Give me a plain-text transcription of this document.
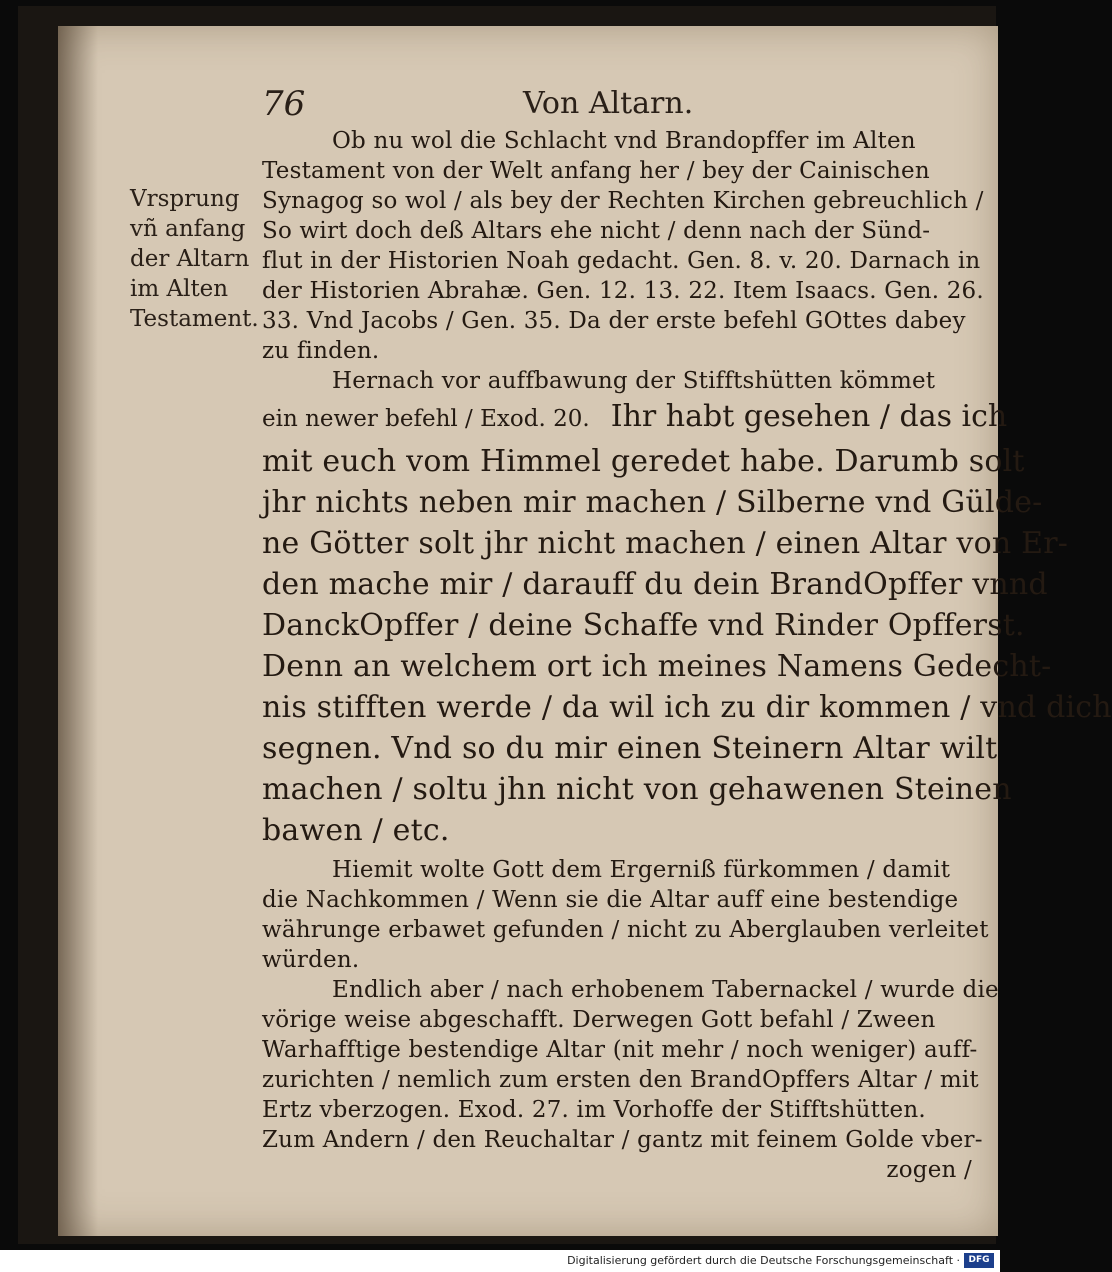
76	Von Altarn.
Vrsprung
vñ anfang
der Altarn
im Alten
Testament.
Ob nu wol die Schlacht vnd Brandopffer im Alten
Testament von der Welt anfang her / bey der Cainischen
Synagog so wol / als bey der Rechten Kirchen gebreuchlich /
So wirt doch deß Altars ehe nicht / denn nach der Sünd-
flut in der Historien Noah gedacht. Gen. 8. v. 20. Darnach in
der Historien Abrahæ. Gen. 12. 13. 22. Item Isaacs. Gen. 26.
33. Vnd Jacobs / Gen. 35. Da der erste befehl GOttes dabey
zu finden.
Hernach vor auffbawung der Stifftshütten kömmet
ein newer befehl / Exod. 20. Ihr habt gesehen / das ich
mit euch vom Himmel geredet habe. Darumb solt
jhr nichts neben mir machen / Silberne vnd Gülde-
ne Götter solt jhr nicht machen / einen Altar von Er-
den mache mir / darauff du dein BrandOpffer vnnd
DanckOpffer / deine Schaffe vnd Rinder Opfferst.
Denn an welchem ort ich meines Namens Gedecht-
nis stifften werde / da wil ich zu dir kommen / vnd dich
segnen. Vnd so du mir einen Steinern Altar wilt
machen / soltu jhn nicht von gehawenen Steinen
bawen / etc.
Hiemit wolte Gott dem Ergerniß fürkommen / damit
die Nachkommen / Wenn sie die Altar auff eine bestendige
währunge erbawet gefunden / nicht zu Aberglauben verleitet
würden.
Endlich aber / nach erhobenem Tabernackel / wurde die
vörige weise abgeschafft. Derwegen Gott befahl / Zween
Warhafftige bestendige Altar (nit mehr / noch weniger) auff-
zurichten / nemlich zum ersten den BrandOpffers Altar / mit
Ertz vberzogen. Exod. 27. im Vorhoffe der Stifftshütten.
Zum Andern / den Reuchaltar / gantz mit feinem Golde vber-
zogen /
Digitalisierung gefördert durch die Deutsche Forschungsgemeinschaft · DFG
